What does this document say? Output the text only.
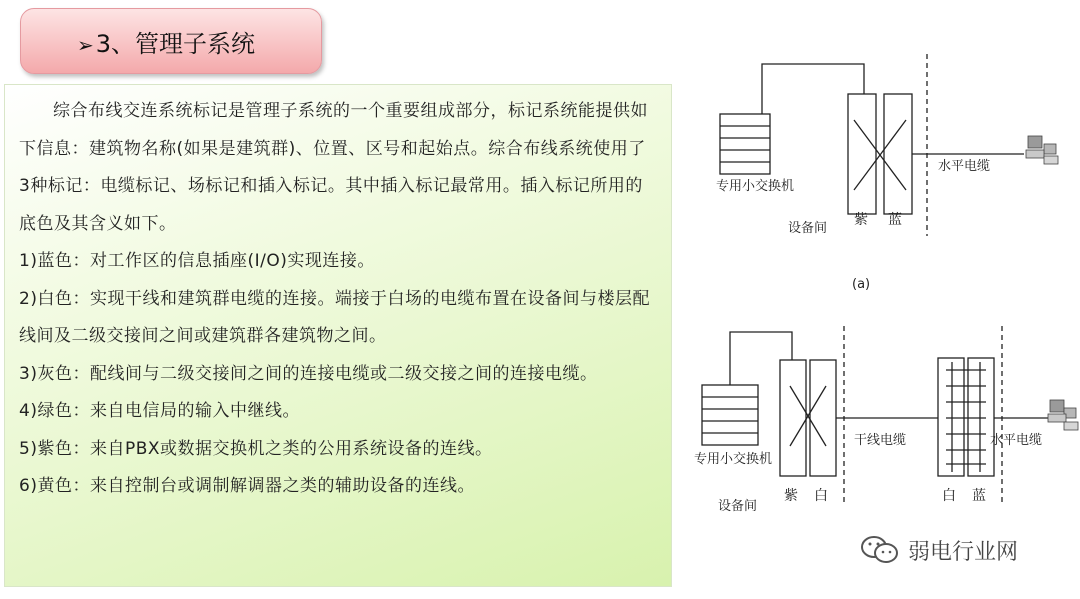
➢3、管理子系统

综合布线交连系统标记是管理子系统的一个重要组成部分，标记系统能提供如下信息：建筑物名称(如果是建筑群)、位置、区号和起始点。综合布线系统使用了3种标记：电缆标记、场标记和插入标记。其中插入标记最常用。插入标记所用的底色及其含义如下。

1)蓝色：对工作区的信息插座(I/O)实现连接。

2)白色：实现干线和建筑群电缆的连接。端接于白场的电缆布置在设备间与楼层配线间及二级交接间之间或建筑群各建筑物之间。

3)灰色：配线间与二级交接间之间的连接电缆或二级交接之间的连接电缆。

4)绿色：来自电信局的输入中继线。

5)紫色：来自PBX或数据交换机之类的公用系统设备的连线。

6)黄色：来自控制台或调制解调器之类的辅助设备的连线。

专用小交换机
设备间
紫 蓝
水平电缆
(a)
专用小交换机
设备间
紫 白
干线电缆
白 蓝
水平电缆
弱电行业网
